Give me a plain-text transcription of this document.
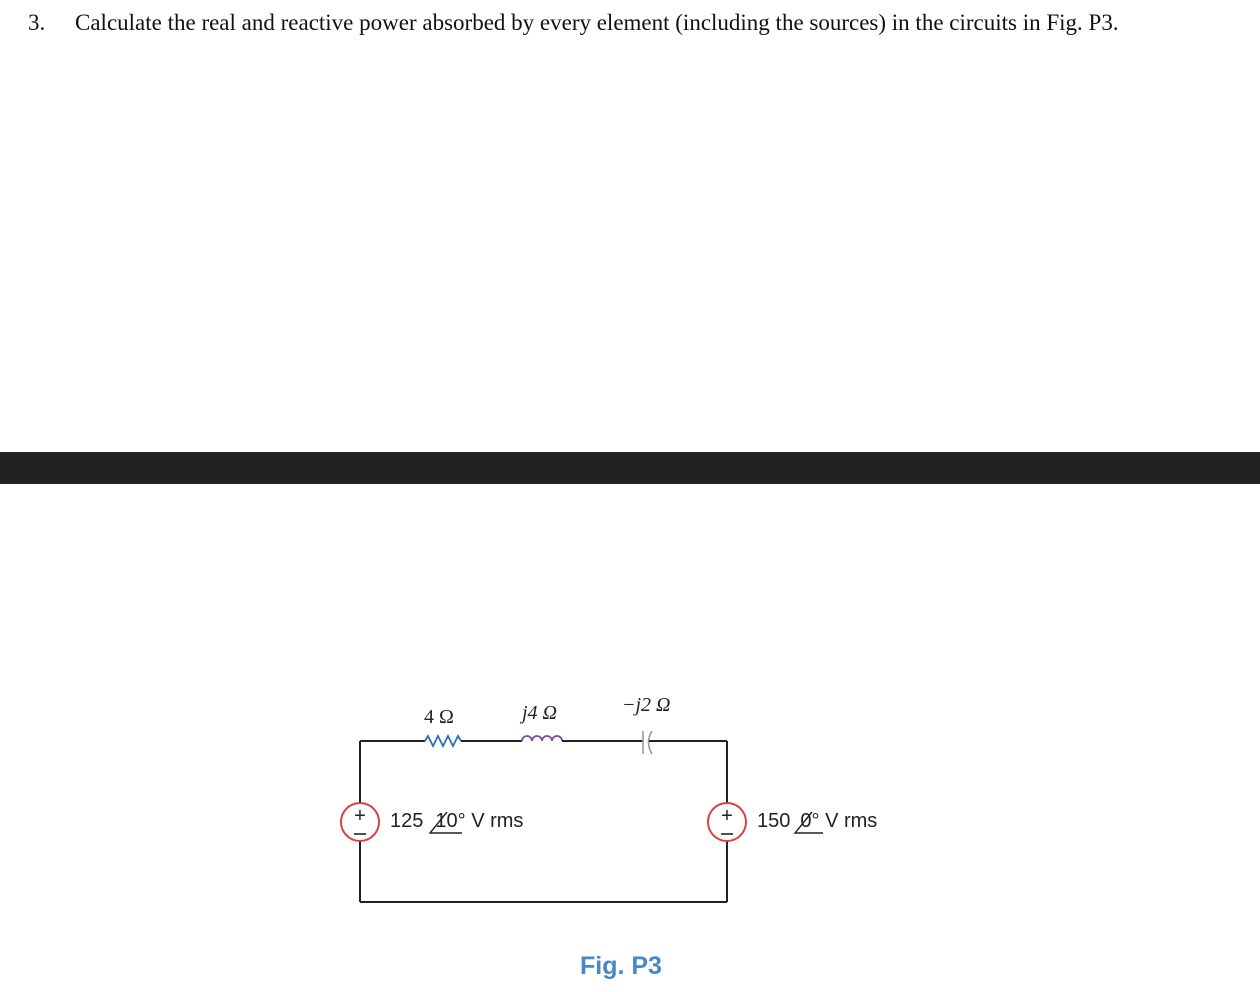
3. Calculate the real and reactive power absorbed by every element (including the sources) in the circuits in Fig. P3.
+	+
4 Ω	j4 Ω	−j2 Ω
125 10° V rms	150 0° V rms
Fig. P3
